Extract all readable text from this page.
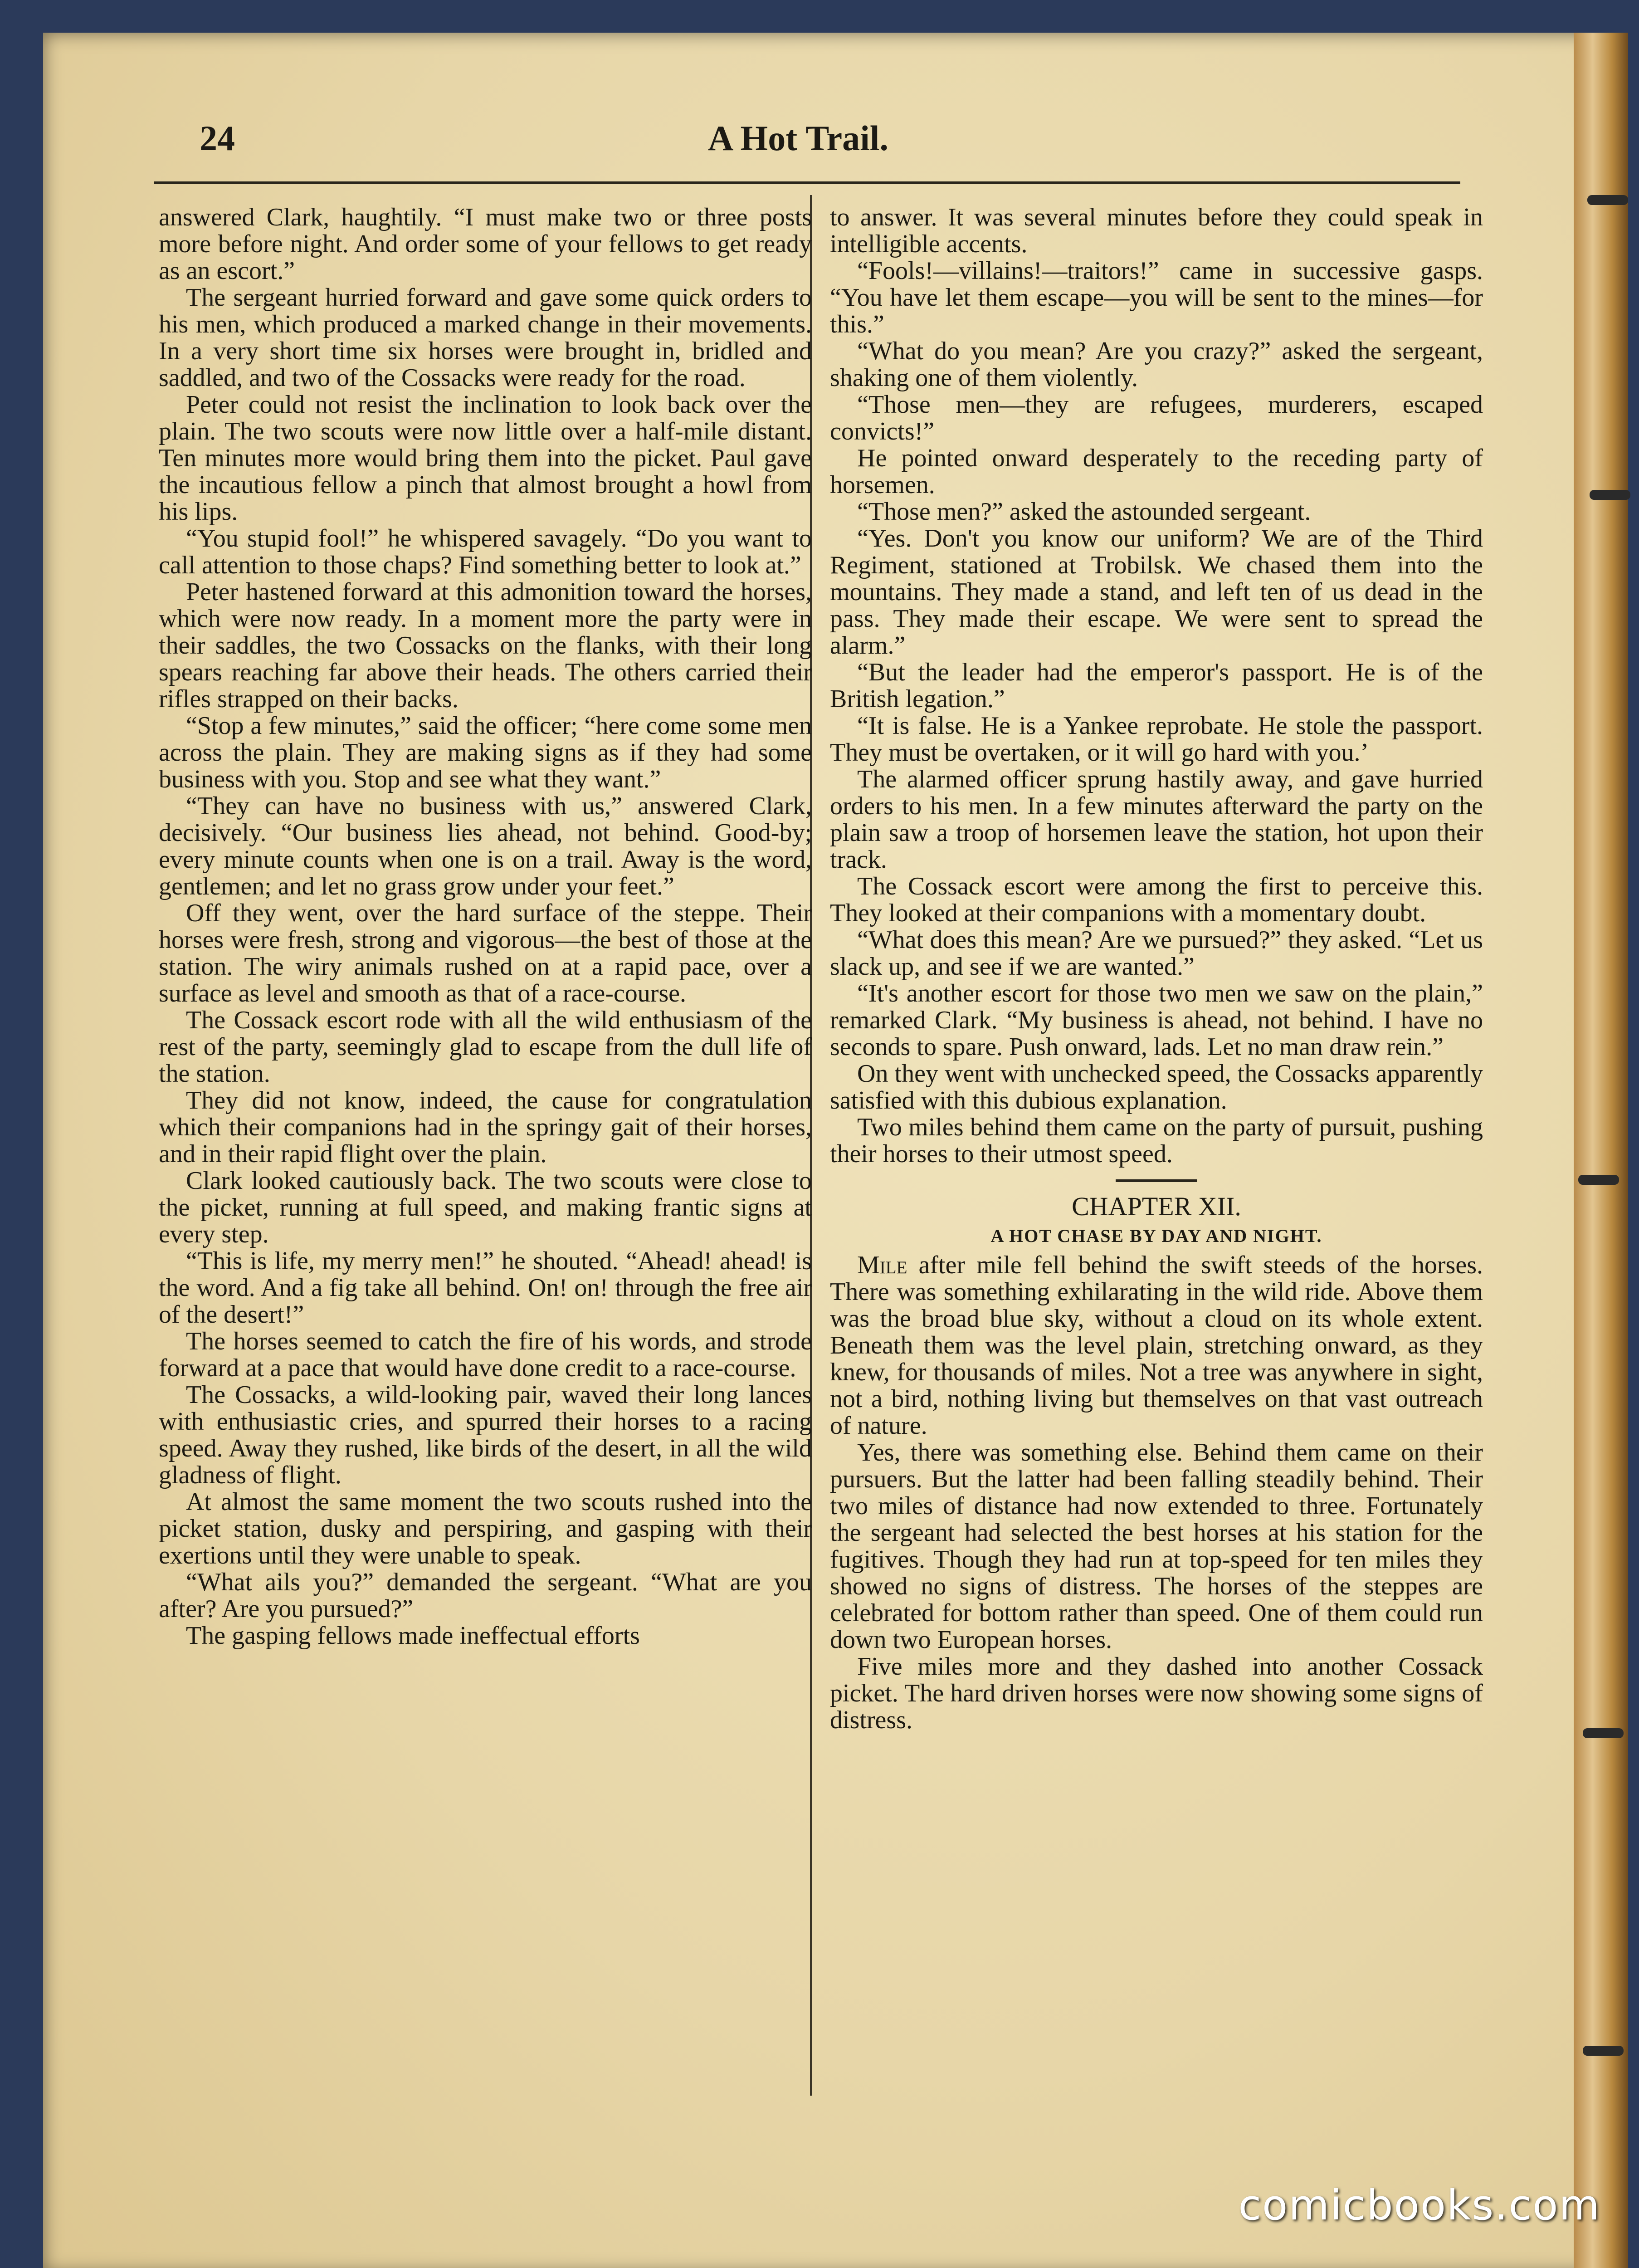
24	A Hot Trail.

answered Clark, haughtily. “I must make two or three posts more before night. And order some of your fellows to get ready as an escort.”

The sergeant hurried forward and gave some quick orders to his men, which produced a marked change in their movements. In a very short time six horses were brought in, bridled and saddled, and two of the Cossacks were ready for the road.

Peter could not resist the inclination to look back over the plain. The two scouts were now little over a half-mile distant. Ten minutes more would bring them into the picket. Paul gave the incautious fellow a pinch that almost brought a howl from his lips.

“You stupid fool!” he whispered savagely. “Do you want to call attention to those chaps? Find something better to look at.”

Peter hastened forward at this admonition toward the horses, which were now ready. In a moment more the party were in their saddles, the two Cossacks on the flanks, with their long spears reaching far above their heads. The others carried their rifles strapped on their backs.

“Stop a few minutes,” said the officer; “here come some men across the plain. They are making signs as if they had some business with you. Stop and see what they want.”

“They can have no business with us,” answered Clark, decisively. “Our business lies ahead, not behind. Good-by; every minute counts when one is on a trail. Away is the word, gentlemen; and let no grass grow under your feet.”

Off they went, over the hard surface of the steppe. Their horses were fresh, strong and vigorous—the best of those at the station. The wiry animals rushed on at a rapid pace, over a surface as level and smooth as that of a race-course.

The Cossack escort rode with all the wild enthusiasm of the rest of the party, seemingly glad to escape from the dull life of the station.

They did not know, indeed, the cause for congratulation which their companions had in the springy gait of their horses, and in their rapid flight over the plain.

Clark looked cautiously back. The two scouts were close to the picket, running at full speed, and making frantic signs at every step.

“This is life, my merry men!” he shouted. “Ahead! ahead! is the word. And a fig take all behind. On! on! through the free air of the desert!”

The horses seemed to catch the fire of his words, and strode forward at a pace that would have done credit to a race-course.

The Cossacks, a wild-looking pair, waved their long lances with enthusiastic cries, and spurred their horses to a racing speed. Away they rushed, like birds of the desert, in all the wild gladness of flight.

At almost the same moment the two scouts rushed into the picket station, dusky and perspiring, and gasping with their exertions until they were unable to speak.

“What ails you?” demanded the sergeant. “What are you after? Are you pursued?”

The gasping fellows made ineffectual efforts

to answer. It was several minutes before they could speak in intelligible accents.

“Fools!—villains!—traitors!” came in successive gasps. “You have let them escape—you will be sent to the mines—for this.”

“What do you mean? Are you crazy?” asked the sergeant, shaking one of them violently.

“Those men—they are refugees, murderers, escaped convicts!”

He pointed onward desperately to the receding party of horsemen.

“Those men?” asked the astounded sergeant.

“Yes. Don't you know our uniform? We are of the Third Regiment, stationed at Trobilsk. We chased them into the mountains. They made a stand, and left ten of us dead in the pass. They made their escape. We were sent to spread the alarm.”

“But the leader had the emperor's passport. He is of the British legation.”

“It is false. He is a Yankee reprobate. He stole the passport. They must be overtaken, or it will go hard with you.’

The alarmed officer sprung hastily away, and gave hurried orders to his men. In a few minutes afterward the party on the plain saw a troop of horsemen leave the station, hot upon their track.

The Cossack escort were among the first to perceive this. They looked at their companions with a momentary doubt.

“What does this mean? Are we pursued?” they asked. “Let us slack up, and see if we are wanted.”

“It's another escort for those two men we saw on the plain,” remarked Clark. “My business is ahead, not behind. I have no seconds to spare. Push onward, lads. Let no man draw rein.”

On they went with unchecked speed, the Cossacks apparently satisfied with this dubious explanation.

Two miles behind them came on the party of pursuit, pushing their horses to their utmost speed.

CHAPTER XII.
A HOT CHASE BY DAY AND NIGHT.

Mile after mile fell behind the swift steeds of the horses. There was something exhilarating in the wild ride. Above them was the broad blue sky, without a cloud on its whole extent. Beneath them was the level plain, stretching onward, as they knew, for thousands of miles. Not a tree was anywhere in sight, not a bird, nothing living but themselves on that vast outreach of nature.

Yes, there was something else. Behind them came on their pursuers. But the latter had been falling steadily behind. Their two miles of distance had now extended to three. Fortunately the sergeant had selected the best horses at his station for the fugitives. Though they had run at top-speed for ten miles they showed no signs of distress. The horses of the steppes are celebrated for bottom rather than speed. One of them could run down two European horses.

Five miles more and they dashed into another Cossack picket. The hard driven horses were now showing some signs of distress.

comicbooks.com
